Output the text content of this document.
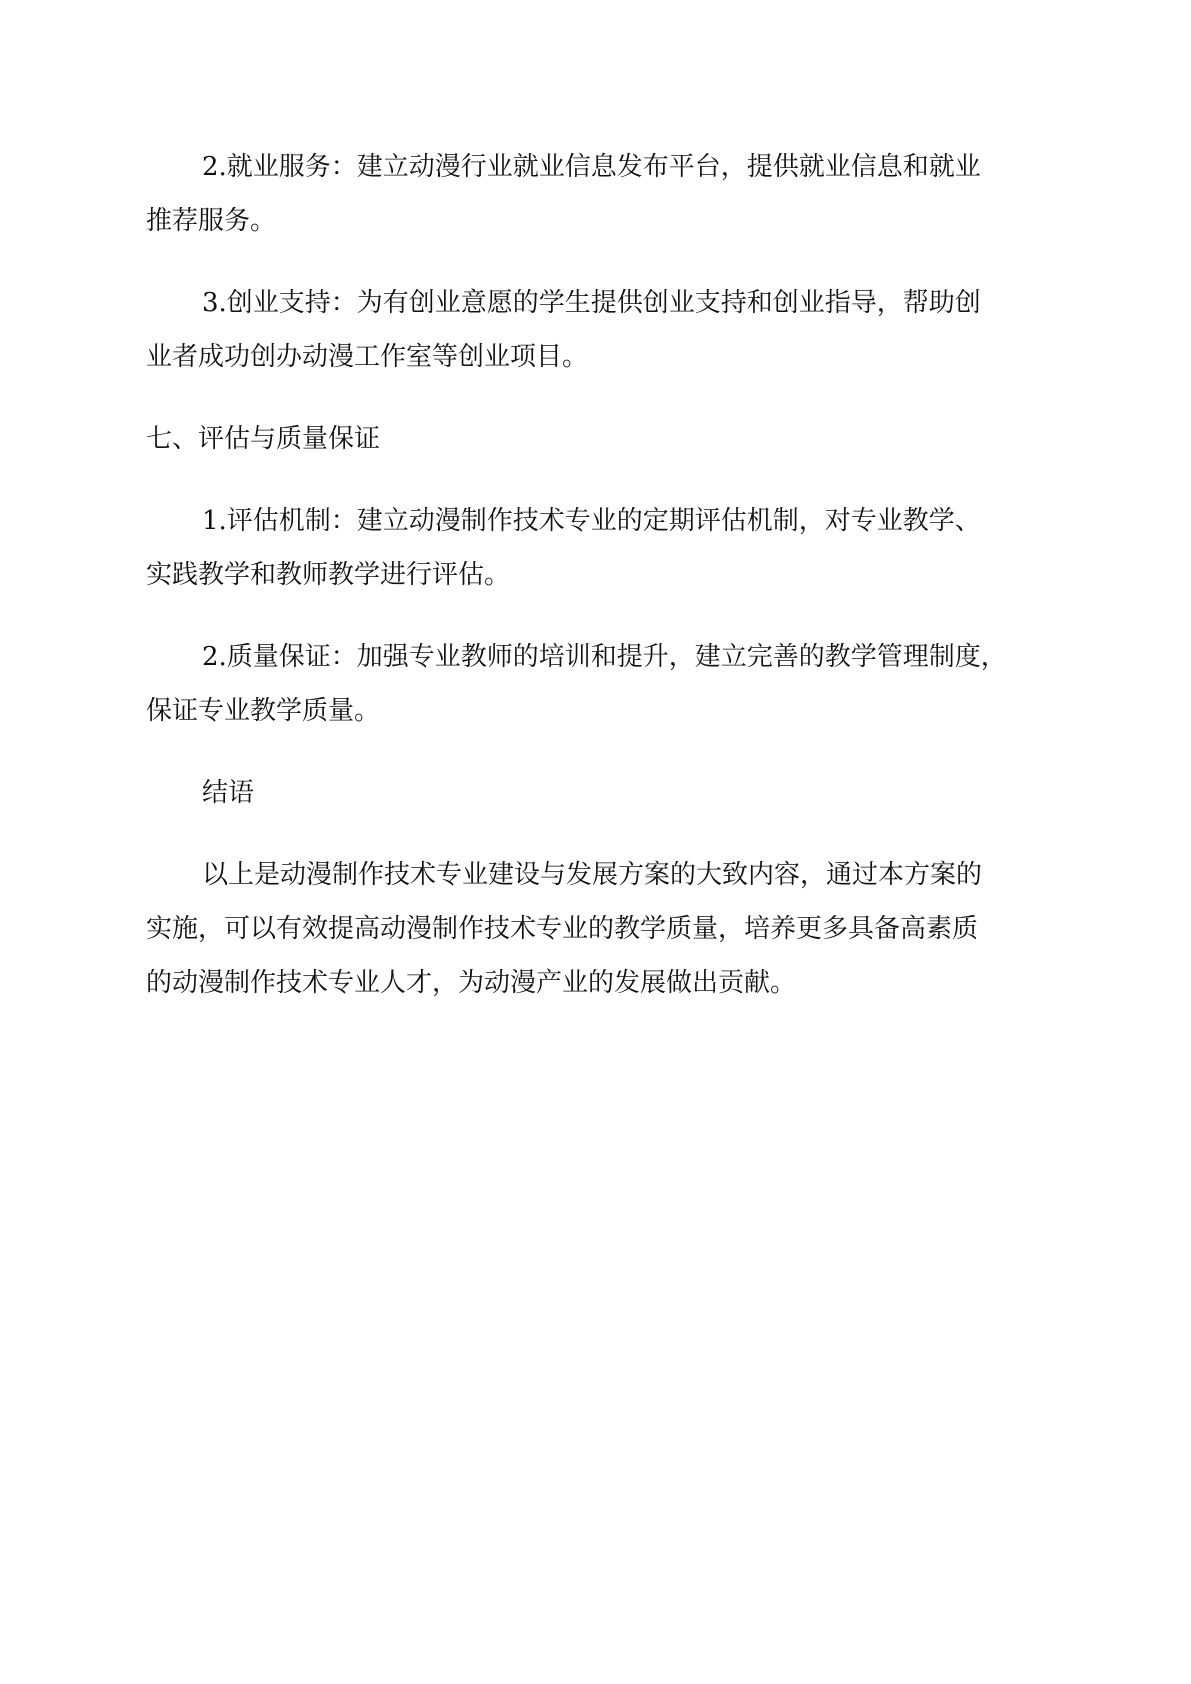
2.就业服务：建立动漫行业就业信息发布平台，提供就业信息和就业
推荐服务。

3.创业支持：为有创业意愿的学生提供创业支持和创业指导，帮助创
业者成功创办动漫工作室等创业项目。

七、评估与质量保证

1.评估机制：建立动漫制作技术专业的定期评估机制，对专业教学、
实践教学和教师教学进行评估。

2.质量保证：加强专业教师的培训和提升，建立完善的教学管理制度，
保证专业教学质量。

结语

以上是动漫制作技术专业建设与发展方案的大致内容，通过本方案的
实施，可以有效提高动漫制作技术专业的教学质量，培养更多具备高素质
的动漫制作技术专业人才，为动漫产业的发展做出贡献。
